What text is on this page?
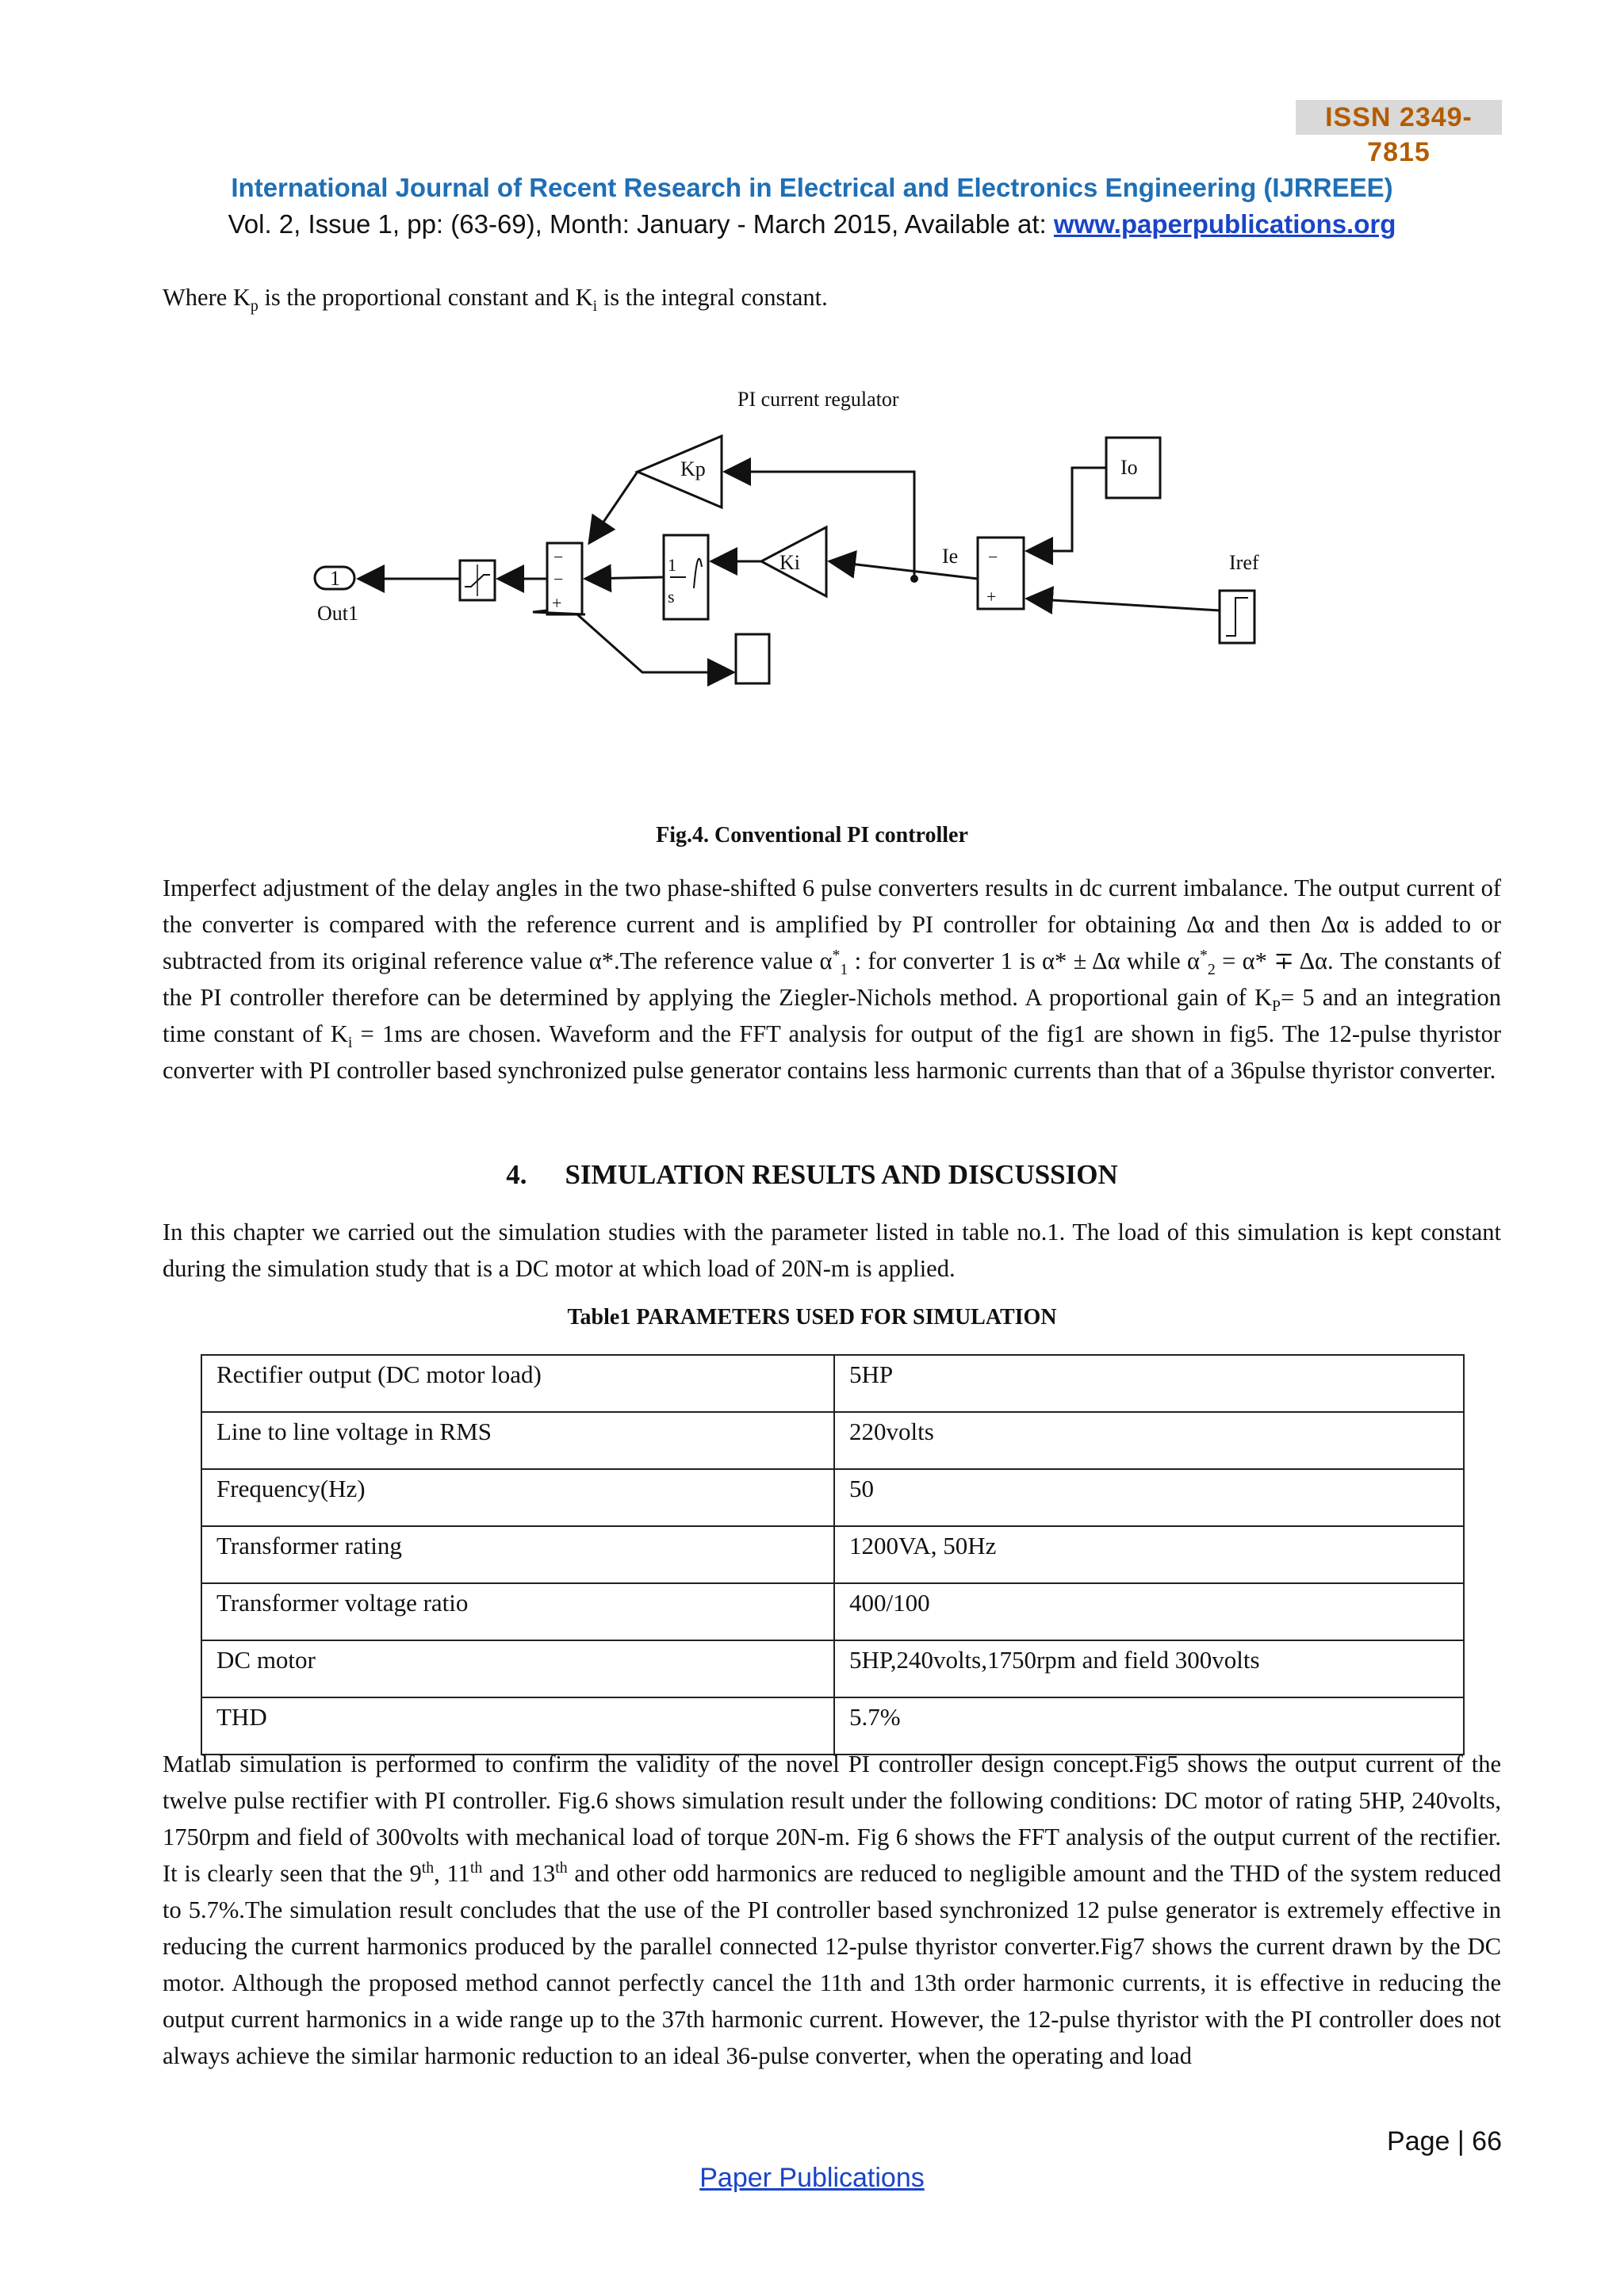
ISSN 2349-7815
International Journal of Recent Research in Electrical and Electronics Engineering (IJRREEE)
Vol. 2, Issue 1, pp: (63-69), Month: January - March 2015, Available at: www.paperpublications.org
Where $K_p$ is the proportional constant and $K_i$ is the integral constant.
PI current regulator
1
Out1
Kp
Ki
1
s
Io
Ie	Iref
−
−
+
−
+
Fig.4. Conventional PI controller
Imperfect adjustment of the delay angles in the two phase-shifted 6 pulse converters results in dc current imbalance. The output current of the converter is compared with the reference current and is amplified by PI controller for obtaining Δα and then Δα is added to or subtracted from its original reference value α*.The reference value $\alpha^*_1$ : for converter 1 is α* ± Δα while $\alpha^*_2 = \alpha* \mp \Delta\alpha$. The constants of the PI controller therefore can be determined by applying the Ziegler-Nichols method. A proportional gain of $K_P= 5$ and an integration time constant of $K_i = 1ms$ are chosen. Waveform and the FFT analysis for output of the fig1 are shown in fig5. The 12-pulse thyristor converter with PI controller based synchronized pulse generator contains less harmonic currents than that of a 36pulse thyristor converter.
4. SIMULATION RESULTS AND DISCUSSION
In this chapter we carried out the simulation studies with the parameter listed in table no.1. The load of this simulation is kept constant during the simulation study that is a DC motor at which load of 20N-m is applied.
Table1 PARAMETERS USED FOR SIMULATION
Rectifier output (DC motor load)	5HP
Line to line voltage in RMS	220volts
Frequency(Hz)	50
Transformer rating	1200VA, 50Hz
Transformer voltage ratio	400/100
DC motor	5HP,240volts,1750rpm and field 300volts
THD	5.7%
Matlab simulation is performed to confirm the validity of the novel PI controller design concept.Fig5 shows the output current of the twelve pulse rectifier with PI controller. Fig.6 shows simulation result under the following conditions: DC motor of rating 5HP, 240volts, 1750rpm and field of 300volts with mechanical load of torque 20N-m. Fig 6 shows the FFT analysis of the output current of the rectifier. It is clearly seen that the 9th, 11th and 13th and other odd harmonics are reduced to negligible amount and the THD of the system reduced to 5.7%.The simulation result concludes that the use of the PI controller based synchronized 12 pulse generator is extremely effective in reducing the current harmonics produced by the parallel connected 12-pulse thyristor converter.Fig7 shows the current drawn by the DC motor. Although the proposed method cannot perfectly cancel the 11th and 13th order harmonic currents, it is effective in reducing the output current harmonics in a wide range up to the 37th harmonic current. However, the 12-pulse thyristor with the PI controller does not always achieve the similar harmonic reduction to an ideal 36-pulse converter, when the operating and load
Page | 66
Paper Publications
